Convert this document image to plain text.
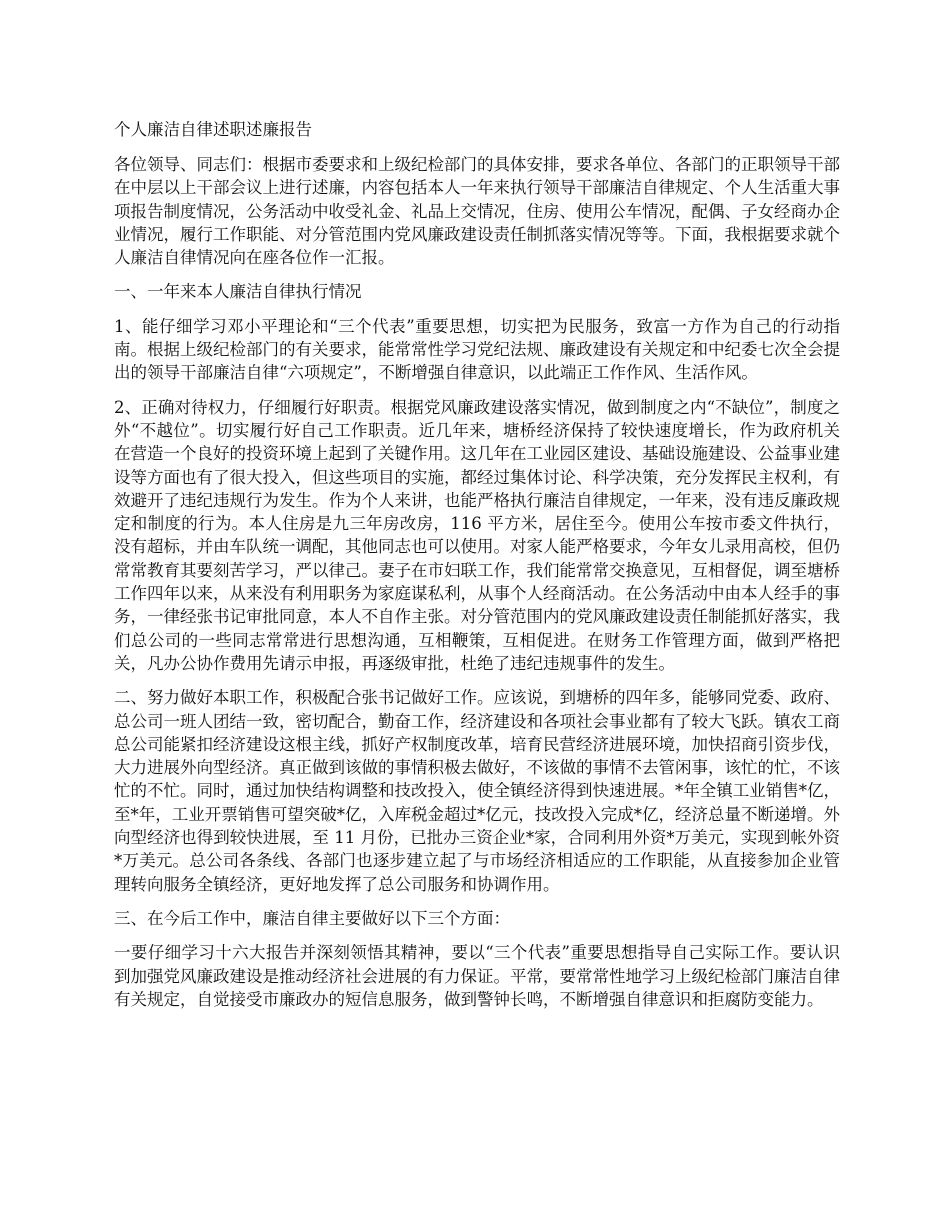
个人廉洁自律述职述廉报告

各位领导、同志们：根据市委要求和上级纪检部门的具体安排，要求各单位、各部门的正职领导干部在中层以上干部会议上进行述廉，内容包括本人一年来执行领导干部廉洁自律规定、个人生活重大事项报告制度情况，公务活动中收受礼金、礼品上交情况，住房、使用公车情况，配偶、子女经商办企业情况，履行工作职能、对分管范围内党风廉政建设责任制抓落实情况等等。下面，我根据要求就个人廉洁自律情况向在座各位作一汇报。

一、一年来本人廉洁自律执行情况

1、能仔细学习邓小平理论和“三个代表”重要思想，切实把为民服务，致富一方作为自己的行动指南。根据上级纪检部门的有关要求，能常常性学习党纪法规、廉政建设有关规定和中纪委七次全会提出的领导干部廉洁自律“六项规定”，不断增强自律意识，以此端正工作作风、生活作风。

2、正确对待权力，仔细履行好职责。根据党风廉政建设落实情况，做到制度之内“不缺位”，制度之外“不越位”。切实履行好自己工作职责。近几年来，塘桥经济保持了较快速度增长，作为政府机关在营造一个良好的投资环境上起到了关键作用。这几年在工业园区建设、基础设施建设、公益事业建设等方面也有了很大投入，但这些项目的实施，都经过集体讨论、科学决策，充分发挥民主权利，有效避开了违纪违规行为发生。作为个人来讲，也能严格执行廉洁自律规定，一年来，没有违反廉政规定和制度的行为。本人住房是九三年房改房，116 平方米，居住至今。使用公车按市委文件执行，没有超标，并由车队统一调配，其他同志也可以使用。对家人能严格要求，今年女儿录用高校，但仍常常教育其要刻苦学习，严以律己。妻子在市妇联工作，我们能常常交换意见，互相督促，调至塘桥工作四年以来，从来没有利用职务为家庭谋私利，从事个人经商活动。在公务活动中由本人经手的事务，一律经张书记审批同意，本人不自作主张。对分管范围内的党风廉政建设责任制能抓好落实，我们总公司的一些同志常常进行思想沟通，互相鞭策，互相促进。在财务工作管理方面，做到严格把关，凡办公协作费用先请示申报，再逐级审批，杜绝了违纪违规事件的发生。

二、努力做好本职工作，积极配合张书记做好工作。应该说，到塘桥的四年多，能够同党委、政府、总公司一班人团结一致，密切配合，勤奋工作，经济建设和各项社会事业都有了较大飞跃。镇农工商总公司能紧扣经济建设这根主线，抓好产权制度改革，培育民营经济进展环境，加快招商引资步伐，大力进展外向型经济。真正做到该做的事情积极去做好，不该做的事情不去管闲事，该忙的忙，不该忙的不忙。同时，通过加快结构调整和技改投入，使全镇经济得到快速进展。*年全镇工业销售*亿，至*年，工业开票销售可望突破*亿，入库税金超过*亿元，技改投入完成*亿，经济总量不断递增。外向型经济也得到较快进展，至 11 月份，已批办三资企业*家，合同利用外资*万美元，实现到帐外资*万美元。总公司各条线、各部门也逐步建立起了与市场经济相适应的工作职能，从直接参加企业管理转向服务全镇经济，更好地发挥了总公司服务和协调作用。

三、在今后工作中，廉洁自律主要做好以下三个方面：

一要仔细学习十六大报告并深刻领悟其精神，要以“三个代表”重要思想指导自己实际工作。要认识到加强党风廉政建设是推动经济社会进展的有力保证。平常，要常常性地学习上级纪检部门廉洁自律有关规定，自觉接受市廉政办的短信息服务，做到警钟长鸣，不断增强自律意识和拒腐防变能力。
